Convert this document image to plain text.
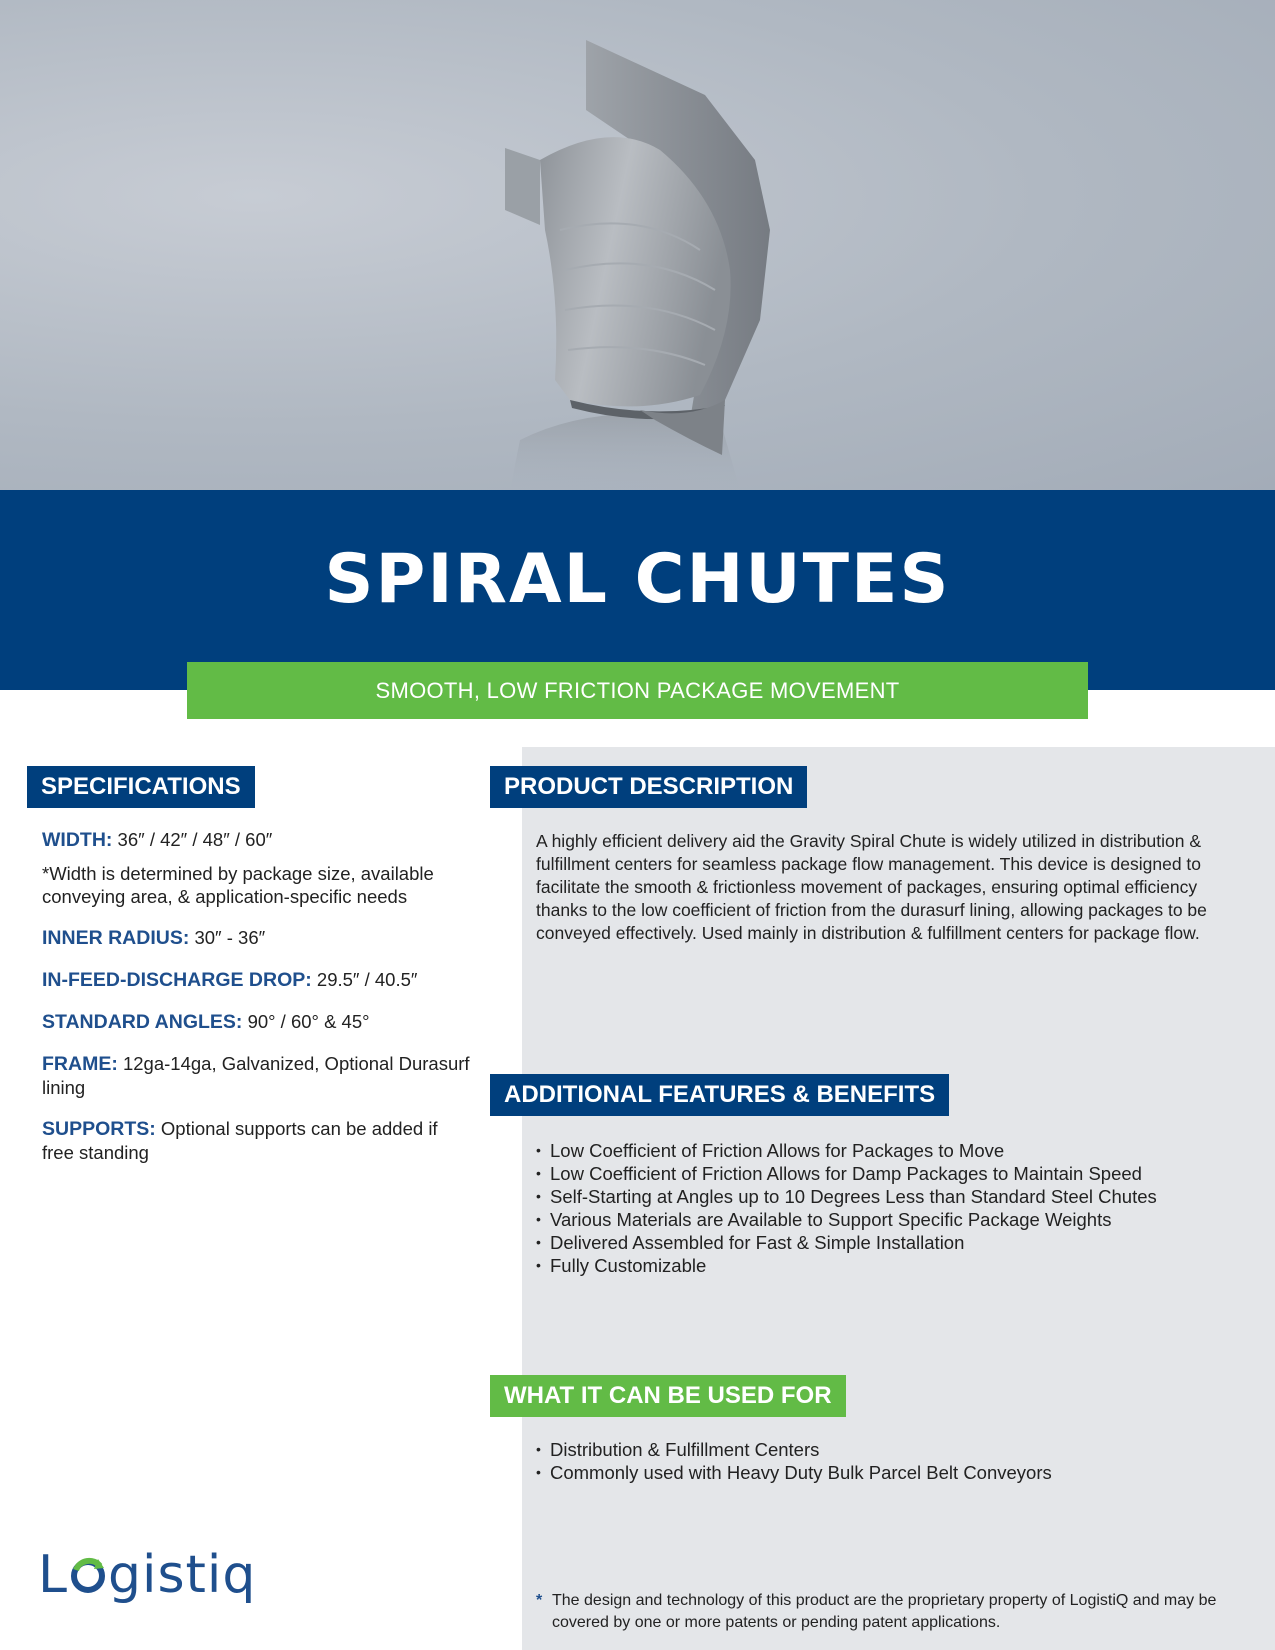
SPIRAL CHUTES
SMOOTH, LOW FRICTION PACKAGE MOVEMENT
SPECIFICATIONS
WIDTH: 36″ / 42″ / 48″ / 60″
*Width is determined by package size, available conveying area, & application-specific needs
INNER RADIUS: 30″ - 36″
IN-FEED-DISCHARGE DROP: 29.5″ / 40.5″
STANDARD ANGLES: 90° / 60° & 45°
FRAME: 12ga-14ga, Galvanized, Optional Durasurf lining
SUPPORTS: Optional supports can be added if free standing
PRODUCT DESCRIPTION
A highly efficient delivery aid the Gravity Spiral Chute is widely utilized in distribution & fulfillment centers for seamless package flow management. This device is designed to facilitate the smooth & frictionless movement of packages, ensuring optimal efficiency thanks to the low coefficient of friction from the durasurf lining, allowing packages to be conveyed effectively. Used mainly in distribution & fulfillment centers for package flow.
ADDITIONAL FEATURES & BENEFITS
• Low Coefficient of Friction Allows for Packages to Move
• Low Coefficient of Friction Allows for Damp Packages to Maintain Speed
• Self-Starting at Angles up to 10 Degrees Less than Standard Steel Chutes
• Various Materials are Available to Support Specific Package Weights
• Delivered Assembled for Fast & Simple Installation
• Fully Customizable
WHAT IT CAN BE USED FOR
• Distribution & Fulfillment Centers
• Commonly used with Heavy Duty Bulk Parcel Belt Conveyors
L gistiq	* The design and technology of this product are the proprietary property of LogistiQ and may be covered by one or more patents or pending patent applications.
